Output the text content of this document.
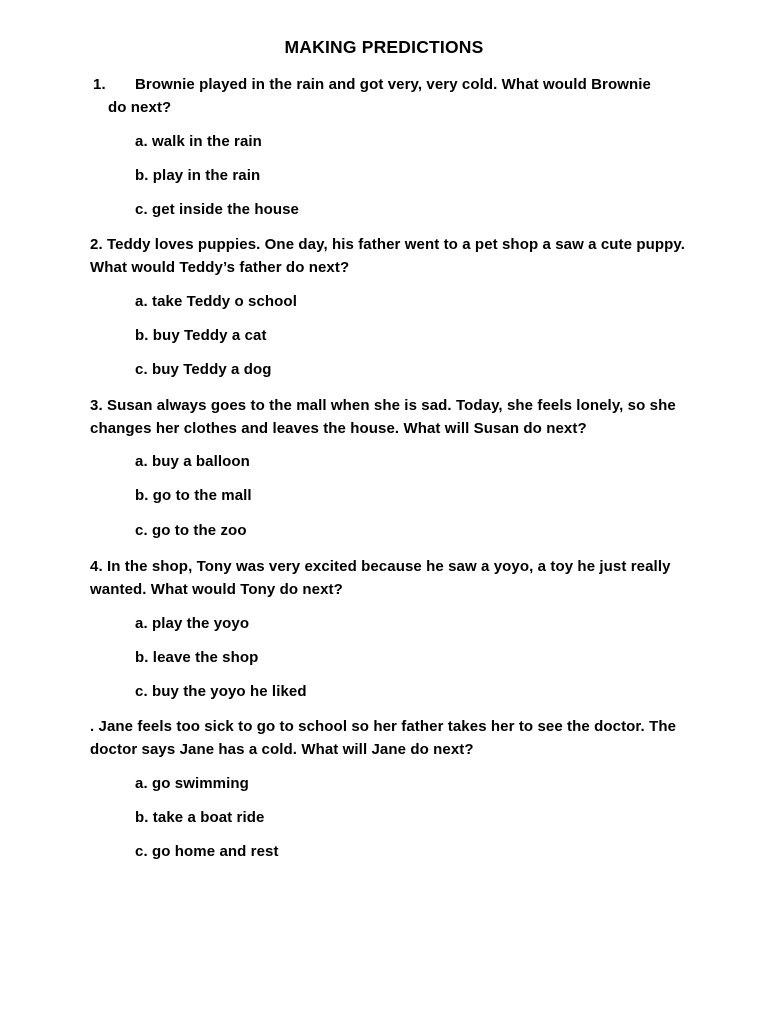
MAKING PREDICTIONS
1. Brownie played in the rain and got very, very cold. What would Brownie
do next?
a. walk in the rain
b. play in the rain
c. get inside the house
2. Teddy loves puppies. One day, his father went to a pet shop a saw a cute puppy. What would Teddy’s father do next?
a. take Teddy o school
b. buy Teddy a cat
c. buy Teddy a dog
3. Susan always goes to the mall when she is sad. Today, she feels lonely, so she changes her clothes and leaves the house. What will Susan do next?
a. buy a balloon
b. go to the mall
c. go to the zoo
4. In the shop, Tony was very excited because he saw a yoyo, a toy he just really wanted. What would Tony do next?
a. play the yoyo
b. leave the shop
c. buy the yoyo he liked
. Jane feels too sick to go to school so her father takes her to see the doctor. The doctor says Jane has a cold. What will Jane do next?
a. go swimming
b. take a boat ride
c. go home and rest
